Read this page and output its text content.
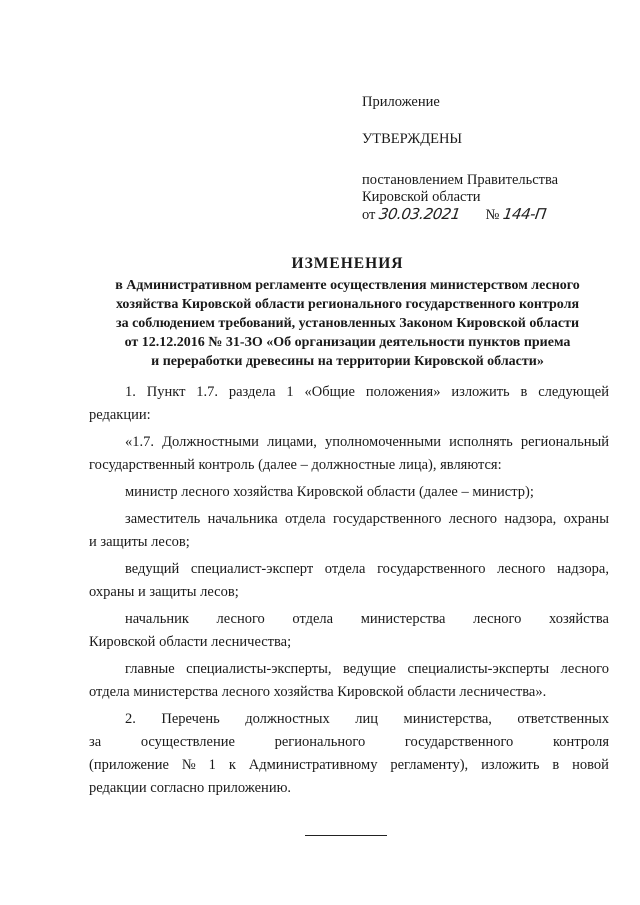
Приложение
УТВЕРЖДЕНЫ
постановлением Правительства
Кировской области
от 30.03.2021 № 144-П
ИЗМЕНЕНИЯ
в Административном регламенте осуществления министерством лесного
хозяйства Кировской области регионального государственного контроля
за соблюдением требований, установленных Законом Кировской области
от 12.12.2016 № 31-ЗО «Об организации деятельности пунктов приема
и переработки древесины на территории Кировской области»
1. Пункт 1.7. раздела 1 «Общие положения» изложить в следующей
редакции:
«1.7. Должностными лицами, уполномоченными исполнять региональный
государственный контроль (далее – должностные лица), являются:
министр лесного хозяйства Кировской области (далее – министр);
заместитель начальника отдела государственного лесного надзора, охраны
и защиты лесов;
ведущий специалист-эксперт отдела государственного лесного надзора,
охраны и защиты лесов;
начальник лесного отдела министерства лесного хозяйства
Кировской области лесничества;
главные специалисты-эксперты, ведущие специалисты-эксперты лесного
отдела министерства лесного хозяйства Кировской области лесничества».
2. Перечень должностных лиц министерства, ответственных
за	осуществление	регионального	государственного	контроля
(приложение № 1 к Административному регламенту), изложить в новой
редакции согласно приложению.
